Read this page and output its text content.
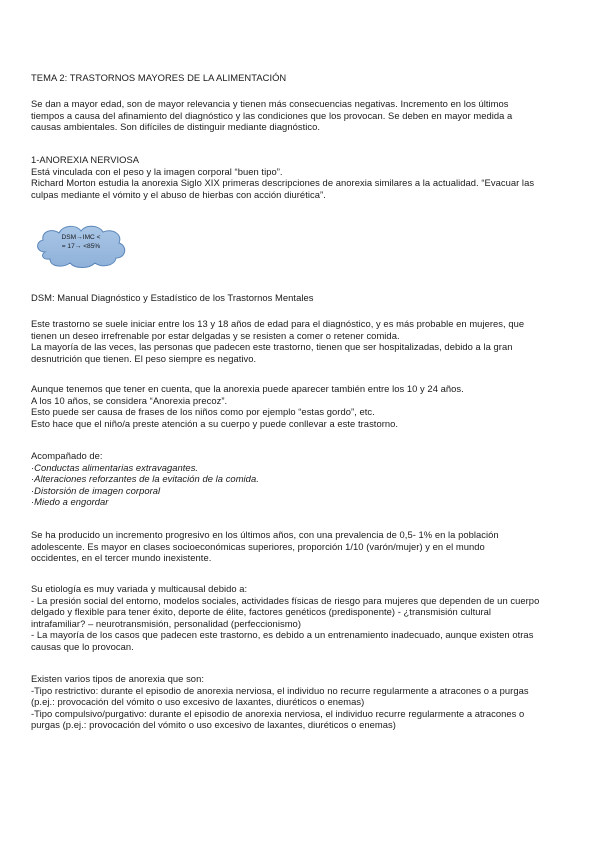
TEMA 2: TRASTORNOS MAYORES DE LA ALIMENTACIÓN

Se dan a mayor edad, son de mayor relevancia y tienen más consecuencias negativas. Incremento en los últimos

tiempos a causa del afinamiento del diagnóstico y las condiciones que los provocan. Se deben en mayor medida a

causas ambientales. Son difíciles de distinguir mediante diagnóstico.

1-ANOREXIA NERVIOSA

Está vinculada con el peso y la imagen corporal “buen tipo”.

Richard Morton estudia la anorexia Siglo XIX primeras descripciones de anorexia similares a la actualidad. “Evacuar las

culpas mediante el vómito y el abuso de hierbas con acción diurética”.

DSM→IMC <
= 17→ <85%

DSM: Manual Diagnóstico y Estadístico de los Trastornos Mentales

Este trastorno se suele iniciar entre los 13 y 18 años de edad para el diagnóstico, y es más probable en mujeres, que

tienen un deseo irrefrenable por estar delgadas y se resisten a comer o retener comida.

La mayoría de las veces, las personas que padecen este trastorno, tienen que ser hospitalizadas, debido a la gran

desnutrición que tienen. El peso siempre es negativo.

Aunque tenemos que tener en cuenta, que la anorexia puede aparecer también entre los 10 y 24 años.

A los 10 años, se considera “Anorexia precoz”.

Esto puede ser causa de frases de los niños como por ejemplo “estas gordo”, etc.

Esto hace que el niño/a preste atención a su cuerpo y puede conllevar a este trastorno.

Acompañado de:

·Conductas alimentarias extravagantes.

·Alteraciones reforzantes de la evitación de la comida.

·Distorsión de imagen corporal

·Miedo a engordar

Se ha producido un incremento progresivo en los últimos años, con una prevalencia de 0,5- 1% en la población

adolescente. Es mayor en clases socioeconómicas superiores, proporción 1/10 (varón/mujer) y en el mundo

occidentes, en el tercer mundo inexistente.

Su etiología es muy variada y multicausal debido a:

- La presión social del entorno, modelos sociales, actividades físicas de riesgo para mujeres que dependen de un cuerpo

delgado y flexible para tener éxito, deporte de élite, factores genéticos (predisponente) - ¿transmisión cultural

intrafamiliar? – neurotransmisión, personalidad (perfeccionismo)

- La mayoría de los casos que padecen este trastorno, es debido a un entrenamiento inadecuado, aunque existen otras

causas que lo provocan.

Existen varios tipos de anorexia que son:

-Tipo restrictivo: durante el episodio de anorexia nerviosa, el individuo no recurre regularmente a atracones o a purgas

(p.ej.: provocación del vómito o uso excesivo de laxantes, diuréticos o enemas)

-Tipo compulsivo/purgativo: durante el episodio de anorexia nerviosa, el individuo recurre regularmente a atracones o

purgas (p.ej.: provocación del vómito o uso excesivo de laxantes, diuréticos o enemas)
